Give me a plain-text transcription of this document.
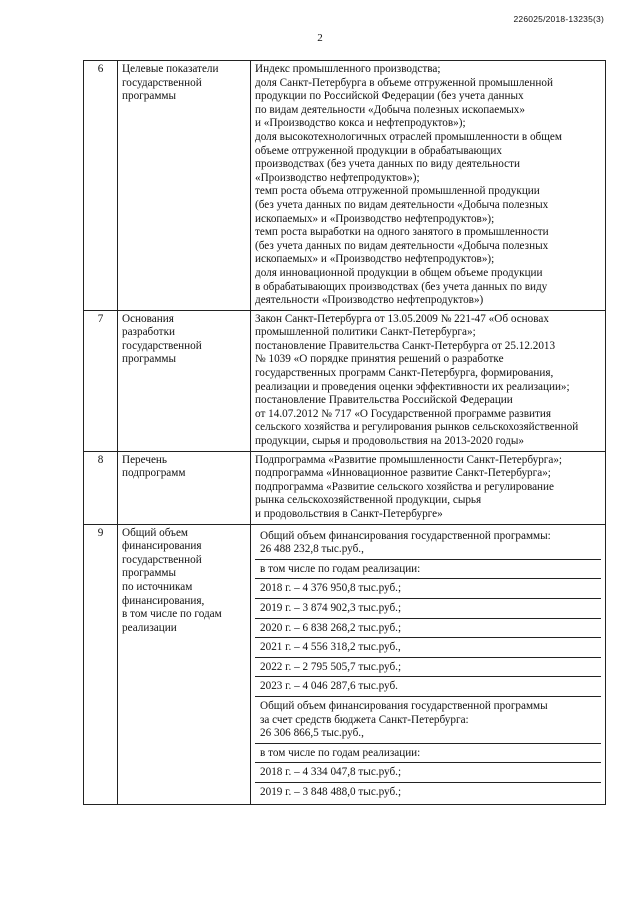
226025/2018-13235(3)
2
6	Целевые показатели
государственной
программы

Индекс промышленного производства;
доля Санкт-Петербурга в объеме отгруженной промышленной
продукции по Российской Федерации (без учета данных
по видам деятельности «Добыча полезных ископаемых»
и «Производство кокса и нефтепродуктов»);
доля высокотехнологичных отраслей промышленности в общем
объеме отгруженной продукции в обрабатывающих
производствах (без учета данных по виду деятельности
«Производство нефтепродуктов»);
темп роста объема отгруженной промышленной продукции
(без учета данных по видам деятельности «Добыча полезных
ископаемых» и «Производство нефтепродуктов»);
темп роста выработки на одного занятого в промышленности
(без учета данных по видам деятельности «Добыча полезных
ископаемых» и «Производство нефтепродуктов»);
доля инновационной продукции в общем объеме продукции
в обрабатывающих производствах (без учета данных по виду
деятельности «Производство нефтепродуктов»)

7	Основания
разработки
государственной
программы

Закон Санкт-Петербурга от 13.05.2009 № 221-47 «Об основах
промышленной политики Санкт-Петербурга»;
постановление Правительства Санкт-Петербурга от 25.12.2013
№ 1039 «О порядке принятия решений о разработке
государственных программ Санкт-Петербурга, формирования,
реализации и проведения оценки эффективности их реализации»;
постановление Правительства Российской Федерации
от 14.07.2012 № 717 «О Государственной программе развития
сельского хозяйства и регулирования рынков сельскохозяйственной
продукции, сырья и продовольствия на 2013-2020 годы»

8	Перечень
подпрограмм

Подпрограмма «Развитие промышленности Санкт-Петербурга»;
подпрограмма «Инновационное развитие Санкт-Петербурга»;
подпрограмма «Развитие сельского хозяйства и регулирование
рынка сельскохозяйственной продукции, сырья
и продовольствия в Санкт-Петербурге»

9	Общий объем
финансирования
государственной
программы
по источникам
финансирования,
в том числе по годам
реализации

Общий объем финансирования государственной программы:
26 488 232,8 тыс.руб.,

в том числе по годам реализации:

2018 г. – 4 376 950,8 тыс.руб.;

2019 г. – 3 874 902,3 тыс.руб.;

2020 г. – 6 838 268,2 тыс.руб.;

2021 г. – 4 556 318,2 тыс.руб.,

2022 г. – 2 795 505,7 тыс.руб.;

2023 г. – 4 046 287,6 тыс.руб.

Общий объем финансирования государственной программы
за счет средств бюджета Санкт-Петербурга:
26 306 866,5 тыс.руб.,

в том числе по годам реализации:

2018 г. – 4 334 047,8 тыс.руб.;

2019 г. – 3 848 488,0 тыс.руб.;
